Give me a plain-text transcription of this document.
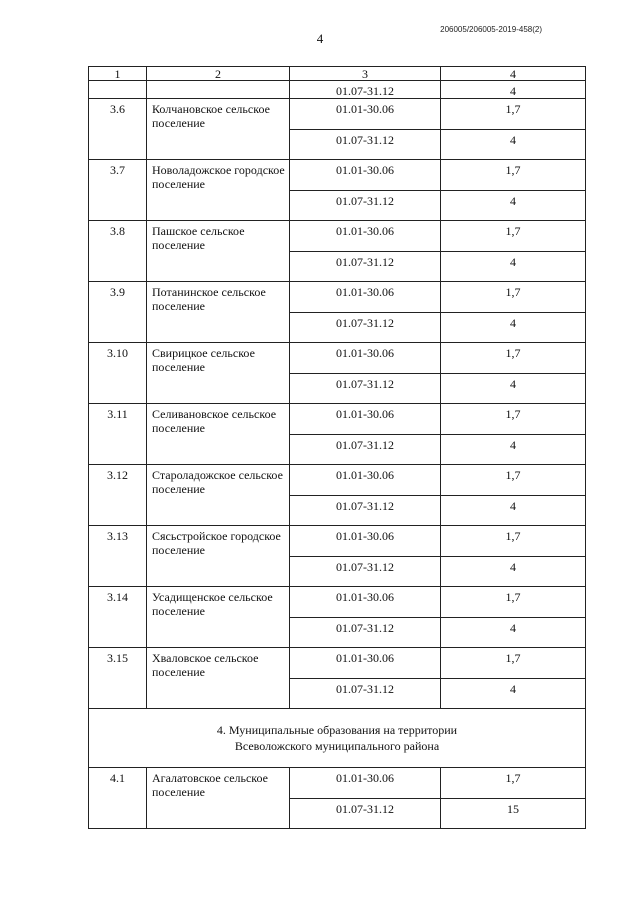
4
206005/206005-2019-458(2)
1	2	3	4
		01.07-31.12	4
3.6	Колчановское сельское поселение	01.01-30.06	1,7
		01.07-31.12	4
3.7	Новоладожское городское поселение	01.01-30.06	1,7
		01.07-31.12	4
3.8	Пашское сельское поселение	01.01-30.06	1,7
		01.07-31.12	4
3.9	Потанинское сельское поселение	01.01-30.06	1,7
		01.07-31.12	4
3.10	Свирицкое сельское поселение	01.01-30.06	1,7
		01.07-31.12	4
3.11	Селивановское сельское поселение	01.01-30.06	1,7
		01.07-31.12	4
3.12	Староладожское сельское поселение	01.01-30.06	1,7
		01.07-31.12	4
3.13	Сясьстройское городское поселение	01.01-30.06	1,7
		01.07-31.12	4
3.14	Усадищенское сельское поселение	01.01-30.06	1,7
		01.07-31.12	4
3.15	Хваловское сельское поселение	01.01-30.06	1,7
		01.07-31.12	4

4. Муниципальные образования на территории
Всеволожского муниципального района			

4.1	Агалатовское сельское поселение	01.01-30.06	1,7
		01.07-31.12	15
